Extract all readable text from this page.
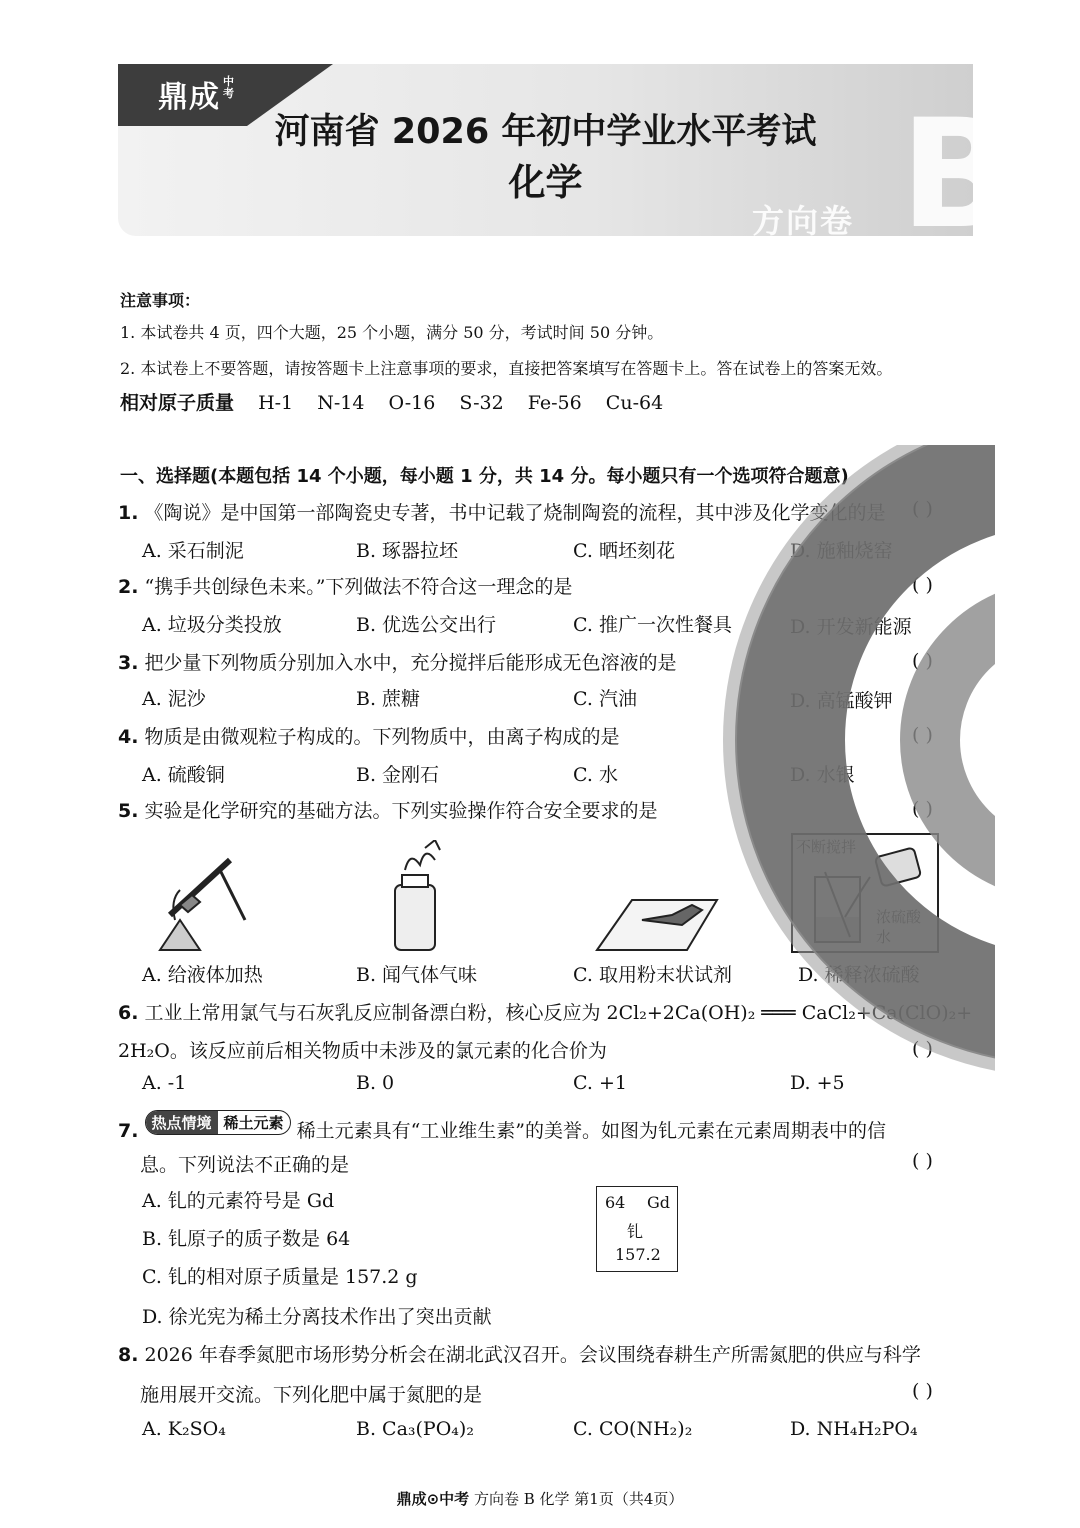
鼎成 中考
河南省 2026 年初中学业水平考试
化学	B
方向卷
注意事项：
1. 本试卷共 4 页，四个大题，25 个小题，满分 50 分，考试时间 50 分钟。
2. 本试卷上不要答题，请按答题卡上注意事项的要求，直接把答案填写在答题卡上。答在试卷上的答案无效。
相对原子质量 H-1 N-14 O-16 S-32 Fe-56 Cu-64
一、选择题(本题包括 14 个小题，每小题 1 分，共 14 分。每小题只有一个选项符合题意)
1. 《陶说》是中国第一部陶瓷史专著，书中记载了烧制陶瓷的流程，其中涉及化学变化的是 ( )
A. 采石制泥	B. 琢器拉坯	C. 晒坯刻花	D. 施釉烧窑
2. “携手共创绿色未来。”下列做法不符合这一理念的是	( )
A. 垃圾分类投放	B. 优选公交出行	C. 推广一次性餐具	D. 开发新能源
3. 把少量下列物质分别加入水中，充分搅拌后能形成无色溶液的是	( )
A. 泥沙	B. 蔗糖	C. 汽油	D. 高锰酸钾
4. 物质是由微观粒子构成的。下列物质中，由离子构成的是	( )
A. 硫酸铜	B. 金刚石	C. 水	D. 水银
5. 实验是化学研究的基础方法。下列实验操作符合安全要求的是	( )
不断搅拌
浓硫酸
水
A. 给液体加热	B. 闻气体气味	C. 取用粉末状试剂	D. 稀释浓硫酸
6. 工业上常用氯气与石灰乳反应制备漂白粉，核心反应为 2Cl₂+2Ca(OH)₂ ═══ CaCl₂+Ca(ClO)₂+
2H₂O。该反应前后相关物质中未涉及的氯元素的化合价为	( )
A. -1	B. 0	C. +1	D. +5
7. 热点情境 稀土元素 稀土元素具有“工业维生素”的美誉。如图为钆元素在元素周期表中的信
息。下列说法不正确的是	( )
A. 钆的元素符号是 Gd
B. 钆原子的质子数是 64
C. 钆的相对原子质量是 157.2 g
D. 徐光宪为稀土分离技术作出了突出贡献
64 Gd
钆
157.2
8. 2026 年春季氮肥市场形势分析会在湖北武汉召开。会议围绕春耕生产所需氮肥的供应与科学
施用展开交流。下列化肥中属于氮肥的是	( )
A. K₂SO₄	B. Ca₃(PO₄)₂	C. CO(NH₂)₂	D. NH₄H₂PO₄
鼎成⊙中考 方向卷 B 化学 第1页（共4页）
